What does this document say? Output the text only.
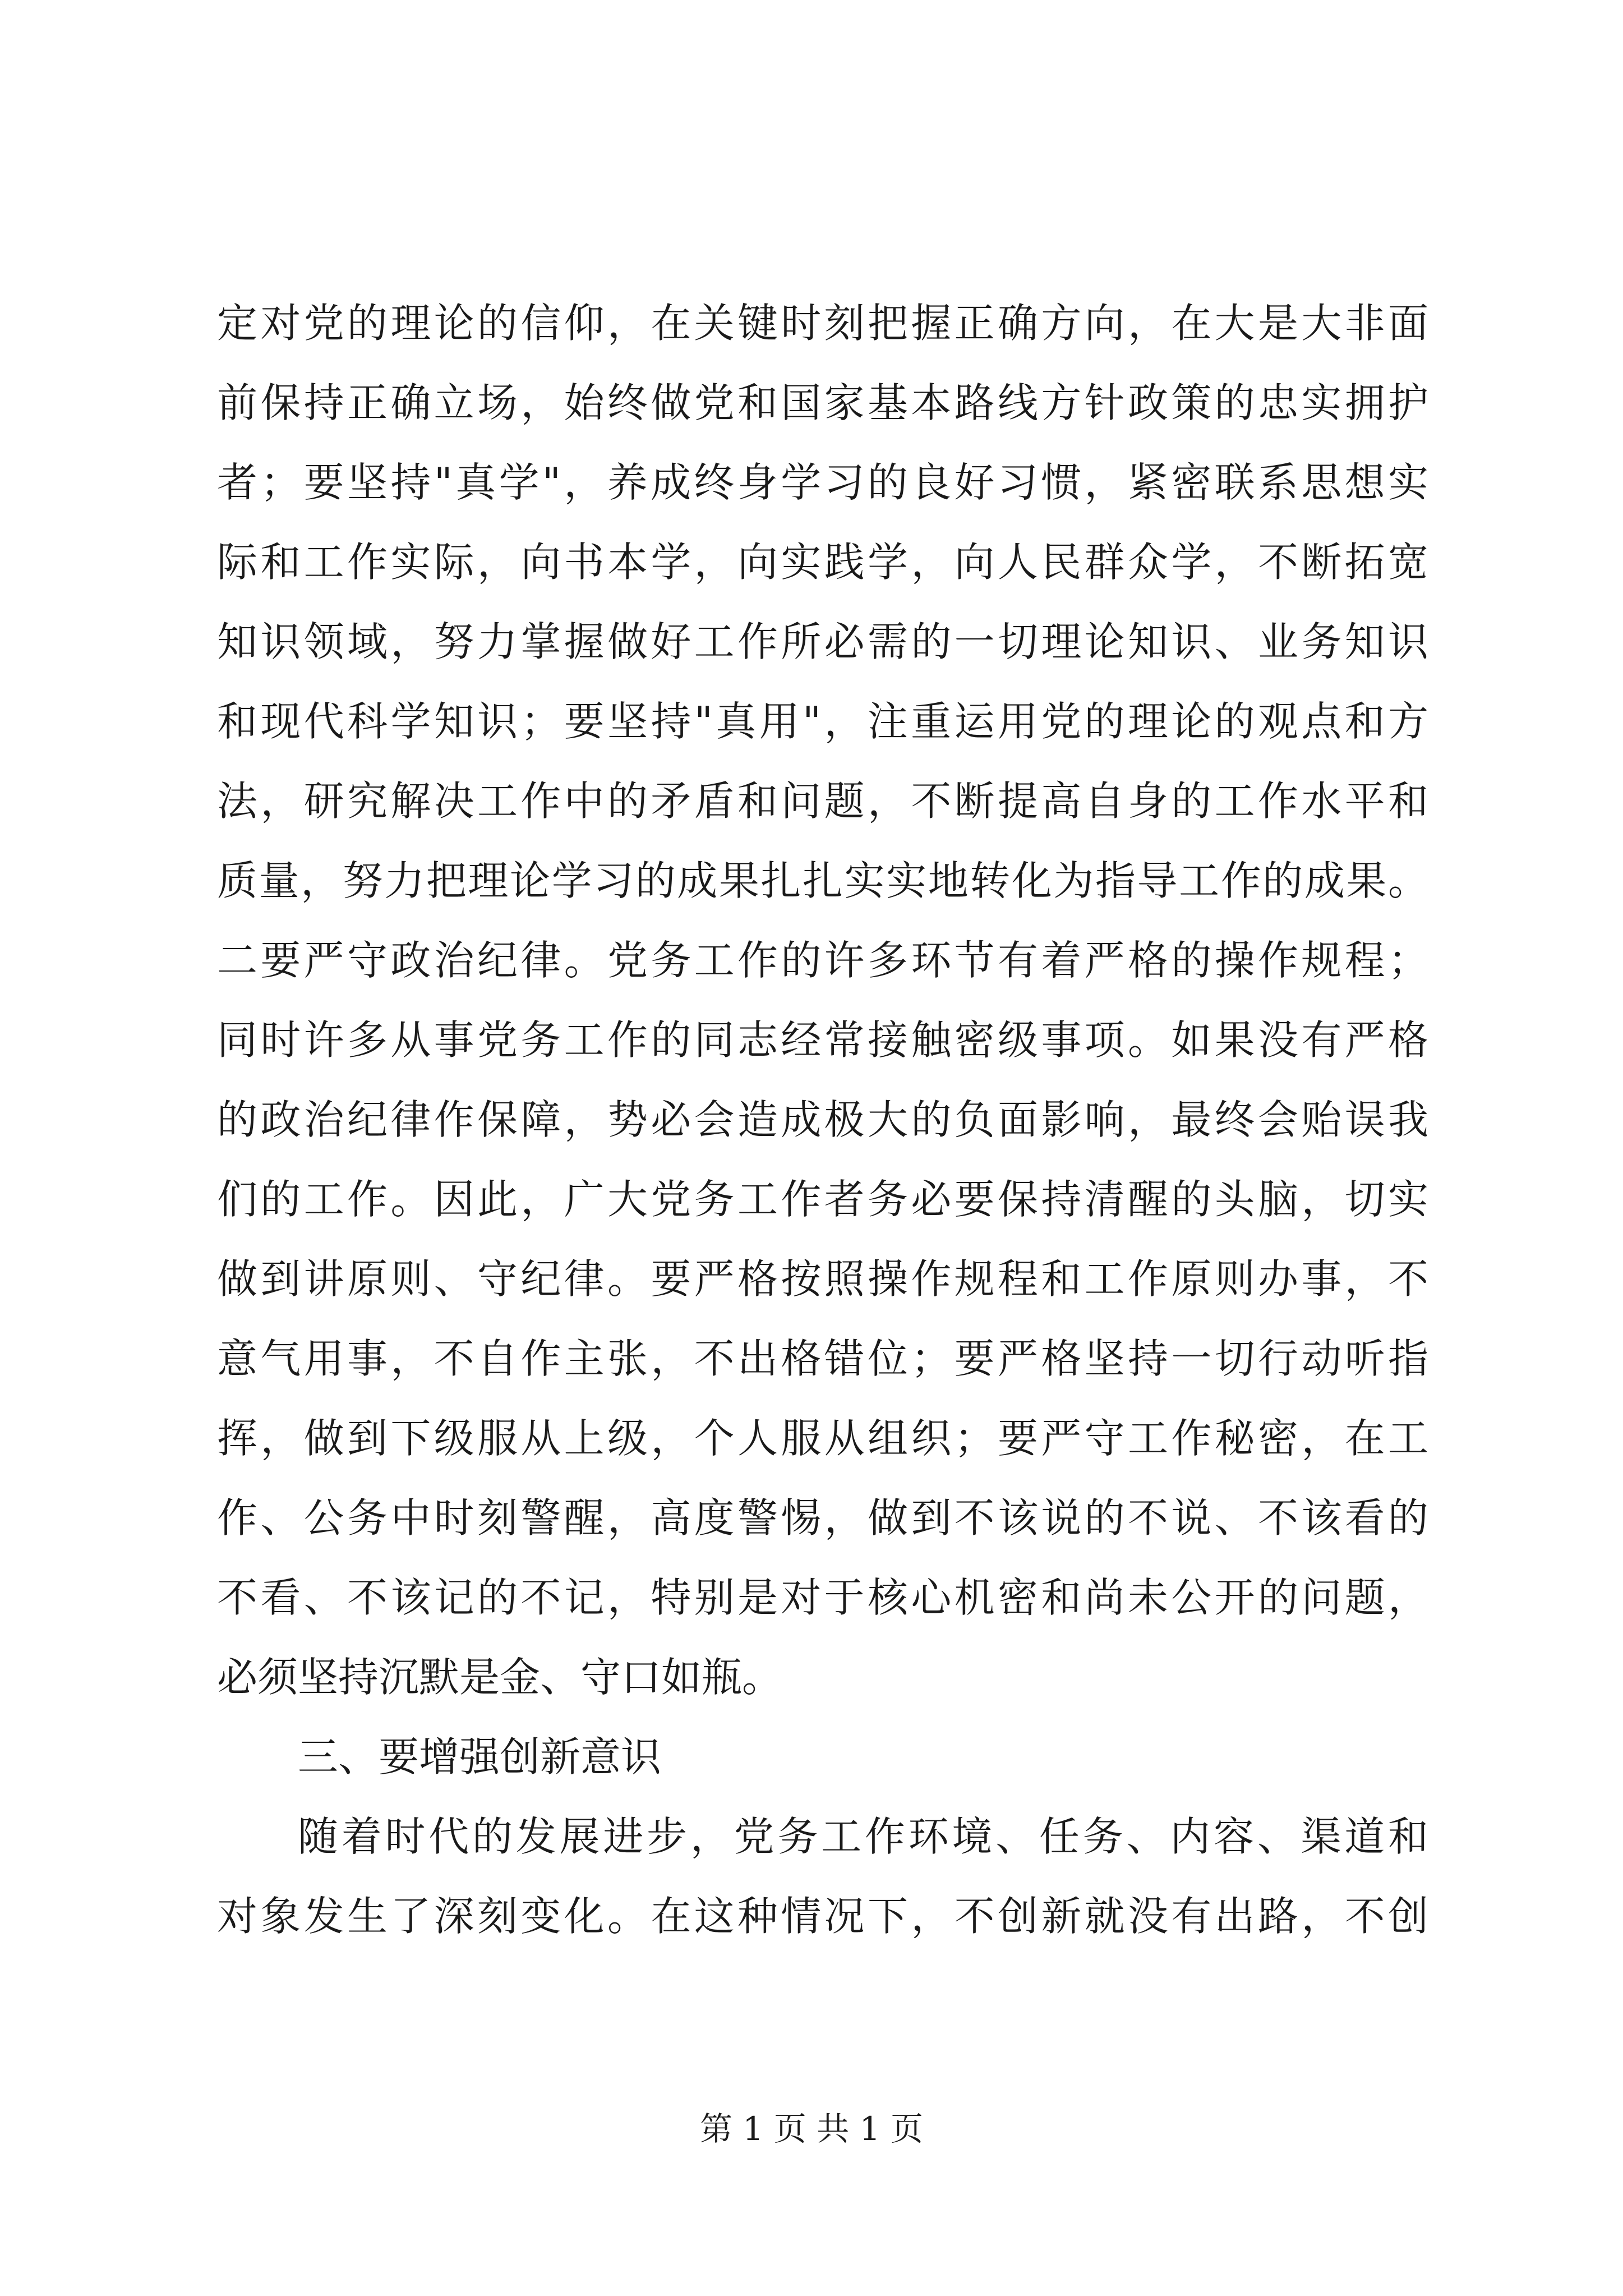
定对党的理论的信仰，在关键时刻把握正确方向，在大是大非面
前保持正确立场，始终做党和国家基本路线方针政策的忠实拥护
者；要坚持"真学"，养成终身学习的良好习惯，紧密联系思想实
际和工作实际，向书本学，向实践学，向人民群众学，不断拓宽
知识领域，努力掌握做好工作所必需的一切理论知识、业务知识
和现代科学知识；要坚持"真用"，注重运用党的理论的观点和方
法，研究解决工作中的矛盾和问题，不断提高自身的工作水平和
质量，努力把理论学习的成果扎扎实实地转化为指导工作的成果。
二要严守政治纪律。党务工作的许多环节有着严格的操作规程；
同时许多从事党务工作的同志经常接触密级事项。如果没有严格
的政治纪律作保障，势必会造成极大的负面影响，最终会贻误我
们的工作。因此，广大党务工作者务必要保持清醒的头脑，切实
做到讲原则、守纪律。要严格按照操作规程和工作原则办事，不
意气用事，不自作主张，不出格错位；要严格坚持一切行动听指
挥，做到下级服从上级，个人服从组织；要严守工作秘密，在工
作、公务中时刻警醒，高度警惕，做到不该说的不说、不该看的
不看、不该记的不记，特别是对于核心机密和尚未公开的问题，
必须坚持沉默是金、守口如瓶。
三、要增强创新意识
随着时代的发展进步，党务工作环境、任务、内容、渠道和
对象发生了深刻变化。在这种情况下，不创新就没有出路，不创
第 1 页 共 1 页
